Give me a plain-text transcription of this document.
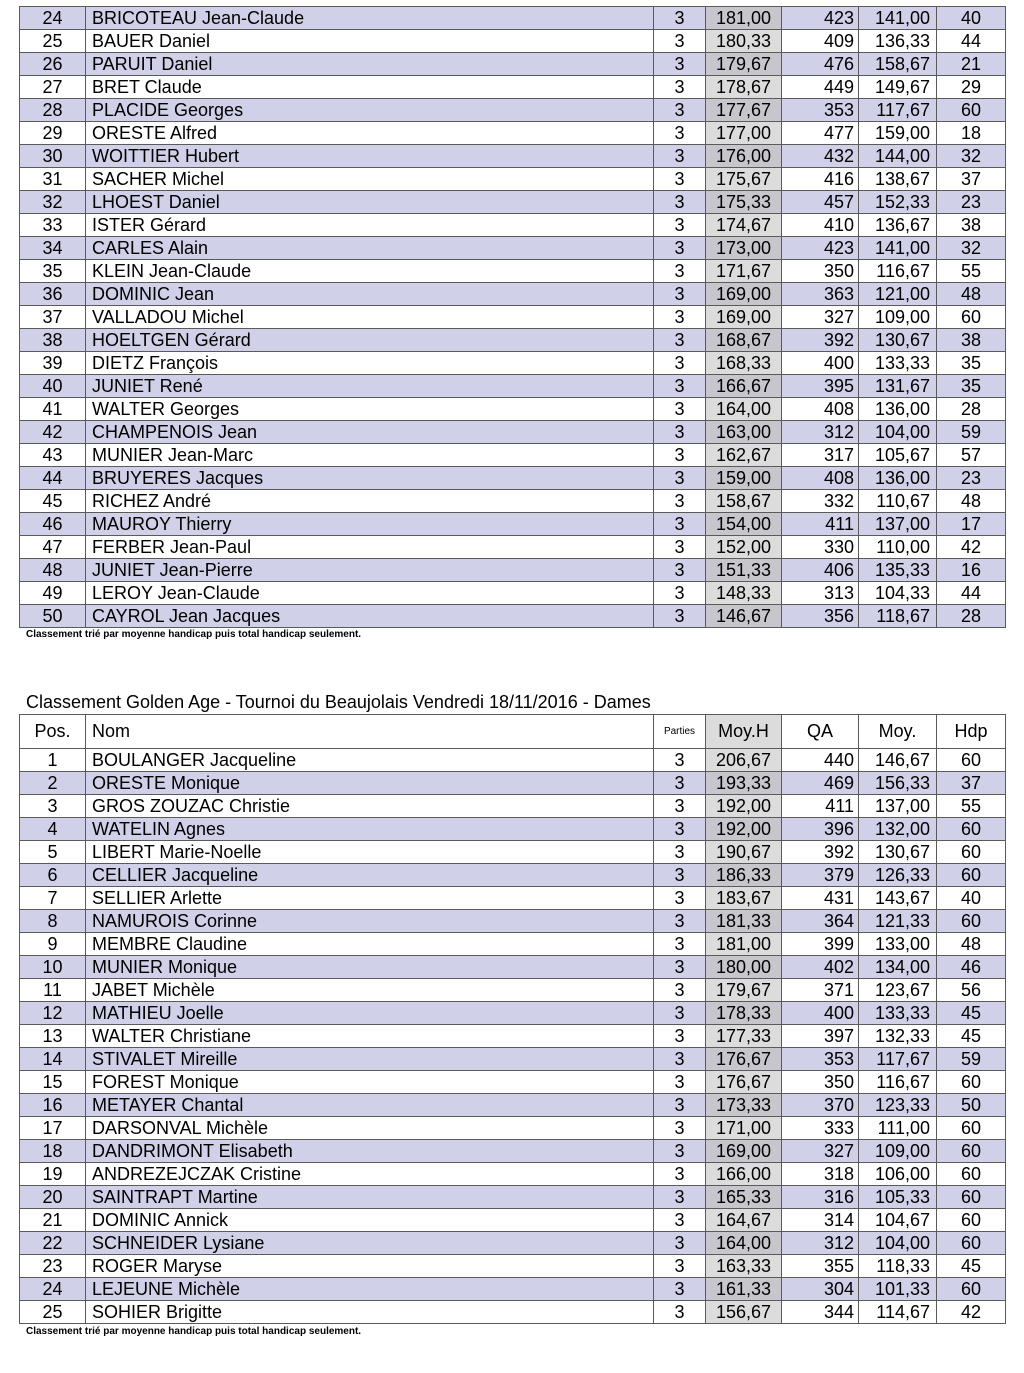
24	BRICOTEAU Jean-Claude	3	181,00	423	141,00	40
25	BAUER Daniel	3	180,33	409	136,33	44
26	PARUIT Daniel	3	179,67	476	158,67	21
27	BRET Claude	3	178,67	449	149,67	29
28	PLACIDE Georges	3	177,67	353	117,67	60
29	ORESTE Alfred	3	177,00	477	159,00	18
30	WOITTIER Hubert	3	176,00	432	144,00	32
31	SACHER Michel	3	175,67	416	138,67	37
32	LHOEST Daniel	3	175,33	457	152,33	23
33	ISTER Gérard	3	174,67	410	136,67	38
34	CARLES Alain	3	173,00	423	141,00	32
35	KLEIN Jean-Claude	3	171,67	350	116,67	55
36	DOMINIC Jean	3	169,00	363	121,00	48
37	VALLADOU Michel	3	169,00	327	109,00	60
38	HOELTGEN Gérard	3	168,67	392	130,67	38
39	DIETZ François	3	168,33	400	133,33	35
40	JUNIET René	3	166,67	395	131,67	35
41	WALTER Georges	3	164,00	408	136,00	28
42	CHAMPENOIS Jean	3	163,00	312	104,00	59
43	MUNIER Jean-Marc	3	162,67	317	105,67	57
44	BRUYERES Jacques	3	159,00	408	136,00	23
45	RICHEZ André	3	158,67	332	110,67	48
46	MAUROY Thierry	3	154,00	411	137,00	17
47	FERBER Jean-Paul	3	152,00	330	110,00	42
48	JUNIET Jean-Pierre	3	151,33	406	135,33	16
49	LEROY Jean-Claude	3	148,33	313	104,33	44
50	CAYROL Jean Jacques	3	146,67	356	118,67	28
Classement trié par moyenne handicap puis total handicap seulement.
Classement Golden Age - Tournoi du Beaujolais Vendredi 18/11/2016 - Dames
Pos.	Nom	Parties	Moy.H	QA	Moy.	Hdp
1	BOULANGER Jacqueline	3	206,67	440	146,67	60
2	ORESTE Monique	3	193,33	469	156,33	37
3	GROS ZOUZAC Christie	3	192,00	411	137,00	55
4	WATELIN Agnes	3	192,00	396	132,00	60
5	LIBERT Marie-Noelle	3	190,67	392	130,67	60
6	CELLIER Jacqueline	3	186,33	379	126,33	60
7	SELLIER Arlette	3	183,67	431	143,67	40
8	NAMUROIS Corinne	3	181,33	364	121,33	60
9	MEMBRE Claudine	3	181,00	399	133,00	48
10	MUNIER Monique	3	180,00	402	134,00	46
11	JABET Michèle	3	179,67	371	123,67	56
12	MATHIEU Joelle	3	178,33	400	133,33	45
13	WALTER Christiane	3	177,33	397	132,33	45
14	STIVALET Mireille	3	176,67	353	117,67	59
15	FOREST Monique	3	176,67	350	116,67	60
16	METAYER Chantal	3	173,33	370	123,33	50
17	DARSONVAL Michèle	3	171,00	333	111,00	60
18	DANDRIMONT Elisabeth	3	169,00	327	109,00	60
19	ANDREZEJCZAK Cristine	3	166,00	318	106,00	60
20	SAINTRAPT Martine	3	165,33	316	105,33	60
21	DOMINIC Annick	3	164,67	314	104,67	60
22	SCHNEIDER Lysiane	3	164,00	312	104,00	60
23	ROGER Maryse	3	163,33	355	118,33	45
24	LEJEUNE Michèle	3	161,33	304	101,33	60
25	SOHIER Brigitte	3	156,67	344	114,67	42
Classement trié par moyenne handicap puis total handicap seulement.
